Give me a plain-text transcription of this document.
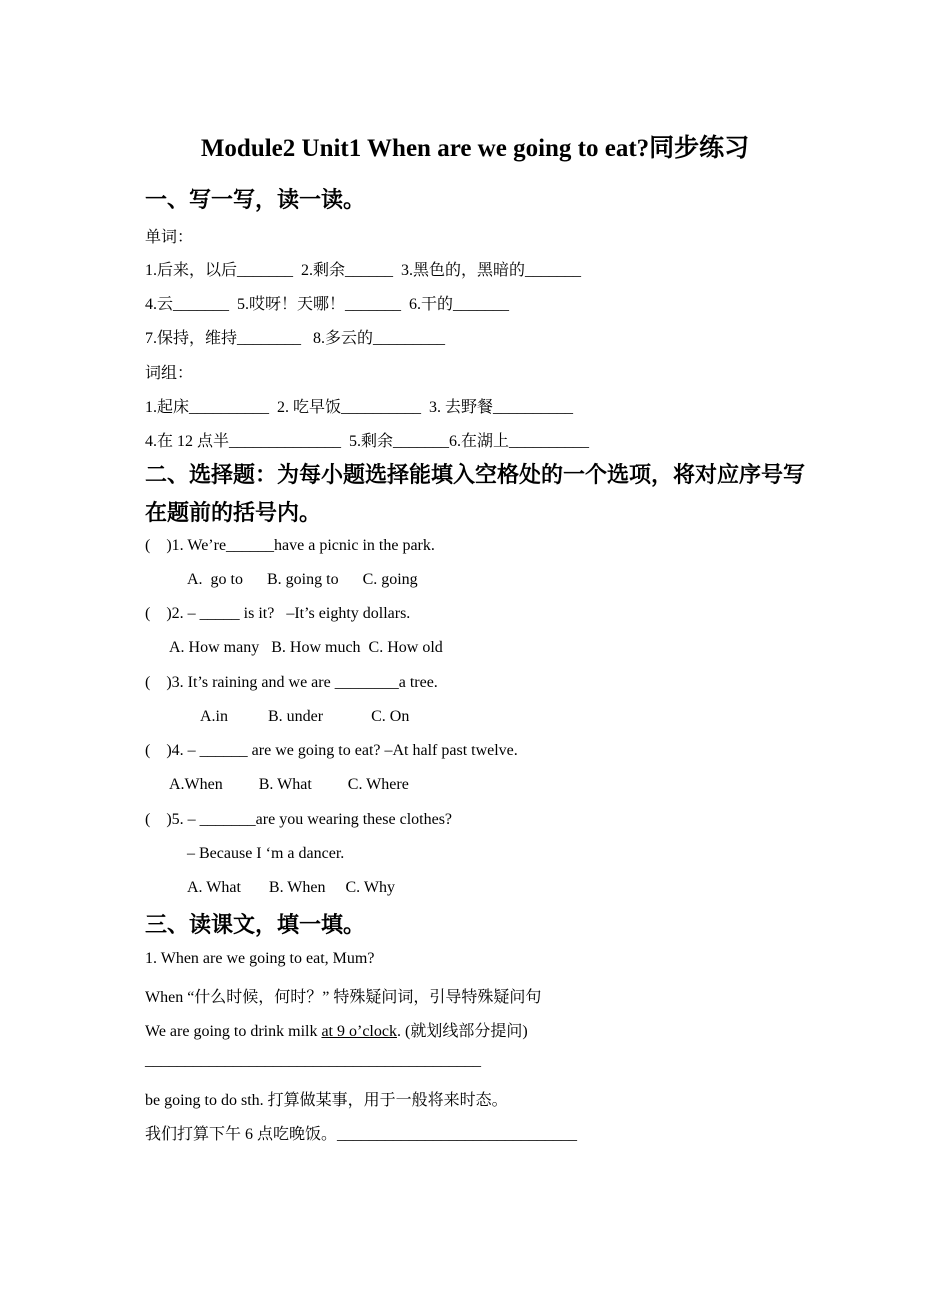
Module2 Unit1 When are we going to eat?同步练习
一、写一写，读一读。
单词：
1.后来，以后_______  2.剩余______  3.黑色的，黑暗的_______
4.云_______  5.哎呀！天哪！_______  6.干的_______
7.保持，维持________   8.多云的_________
词组：
1.起床__________  2. 吃早饭__________  3. 去野餐__________
4.在 12 点半______________  5.剩余_______6.在湖上__________
二、选择题：为每小题选择能填入空格处的一个选项，将对应序号写
在题前的括号内。
(    )1. We’re______have a picnic in the park.
A.  go to      B. going to      C. going
(    )2. – _____ is it?   –It’s eighty dollars.
A. How many   B. How much  C. How old
(    )3. It’s raining and we are ________a tree.
A.in          B. under            C. On
(    )4. – ______ are we going to eat? –At half past twelve.
A.When         B. What         C. Where
(    )5. – _______are you wearing these clothes?
– Because I ‘m a dancer.
A. What       B. When     C. Why
三、读课文，填一填。
1. When are we going to eat, Mum?
When “什么时候，何时？” 特殊疑问词，引导特殊疑问句
We are going to drink milk at 9 o’clock. (就划线部分提问)
__________________________________________
be going to do sth. 打算做某事，用于一般将来时态。
我们打算下午 6 点吃晚饭。______________________________
